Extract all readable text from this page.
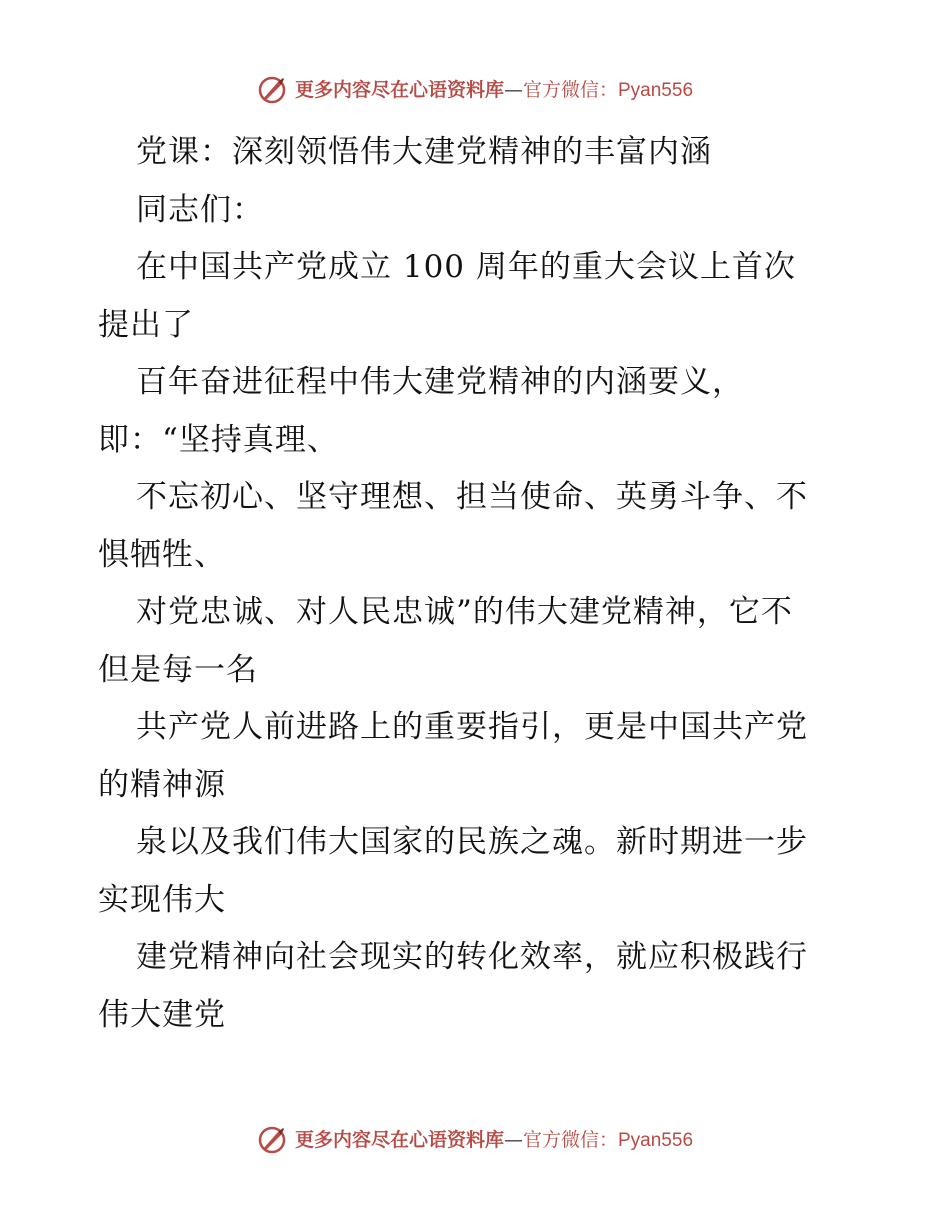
更多内容尽在心语资料库 — 官方微信：Pyan556
党课：深刻领悟伟大建党精神的丰富内涵
同志们：
在中国共产党成立 100 周年的重大会议上首次
提出了
百年奋进征程中伟大建党精神的内涵要义，
即：“坚持真理、
不忘初心、坚守理想、担当使命、英勇斗争、不
惧牺牲、
对党忠诚、对人民忠诚”的伟大建党精神，它不
但是每一名
共产党人前进路上的重要指引，更是中国共产党
的精神源
泉以及我们伟大国家的民族之魂。新时期进一步
实现伟大
建党精神向社会现实的转化效率，就应积极践行
伟大建党
更多内容尽在心语资料库 — 官方微信：Pyan556
